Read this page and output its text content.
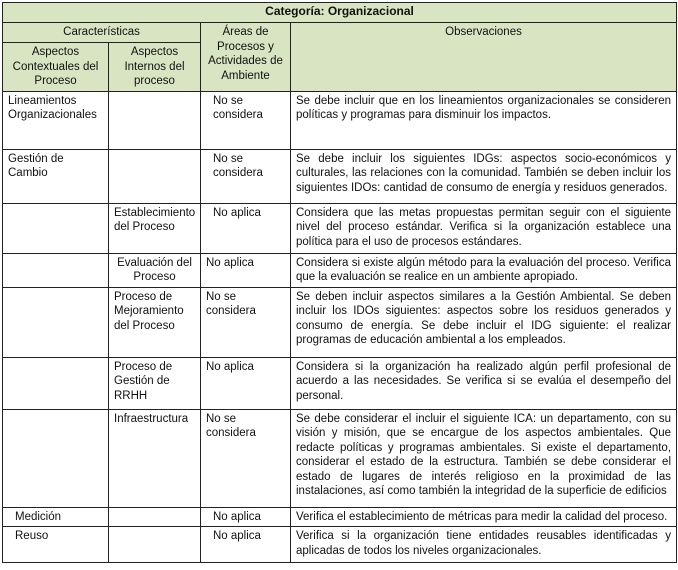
Categoría: Organizacional			
Características		Áreas de Procesos y Actividades de Ambiente	Observaciones
Aspectos Contextuales del Proceso	Aspectos Internos del proceso		
Lineamientos Organizacionales		No se considera	Se debe incluir que en los lineamientos organizacionales se consideren políticas y programas para disminuir los impactos.
Gestión de Cambio		No se considera	Se debe incluir los siguientes IDGs: aspectos socio-económicos y culturales, las relaciones con la comunidad. También se deben incluir los siguientes IDOs: cantidad de consumo de energía y residuos generados.
	Establecimiento del Proceso	No aplica	Considera que las metas propuestas permitan seguir con el siguiente nivel del proceso estándar. Verifica si la organización establece una política para el uso de procesos estándares.
	Evaluación del Proceso	No aplica	Considera si existe algún método para la evaluación del proceso. Verifica que la evaluación se realice en un ambiente apropiado.
	Proceso de Mejoramiento del Proceso	No se considera	Se deben incluir aspectos similares a la Gestión Ambiental. Se deben incluir los IDOs siguientes: aspectos sobre los residuos generados y consumo de energía. Se debe incluir el IDG siguiente: el realizar programas de educación ambiental a los empleados.
	Proceso de Gestión de RRHH	No aplica	Considera si la organización ha realizado algún perfil profesional de acuerdo a las necesidades. Se verifica si se evalúa el desempeño del personal.
	Infraestructura	No se considera	Se debe considerar el incluir el siguiente ICA: un departamento, con su visión y misión, que se encargue de los aspectos ambientales. Que redacte políticas y programas ambientales. Si existe el departamento, considerar el estado de la estructura. También se debe considerar el estado de lugares de interés religioso en la proximidad de las instalaciones, así como también la integridad de la superficie de edificios
Medición		No aplica	Verifica el establecimiento de métricas para medir la calidad del proceso.
Reuso		No aplica	Verifica si la organización tiene entidades reusables identificadas y aplicadas de todos los niveles organizacionales.
